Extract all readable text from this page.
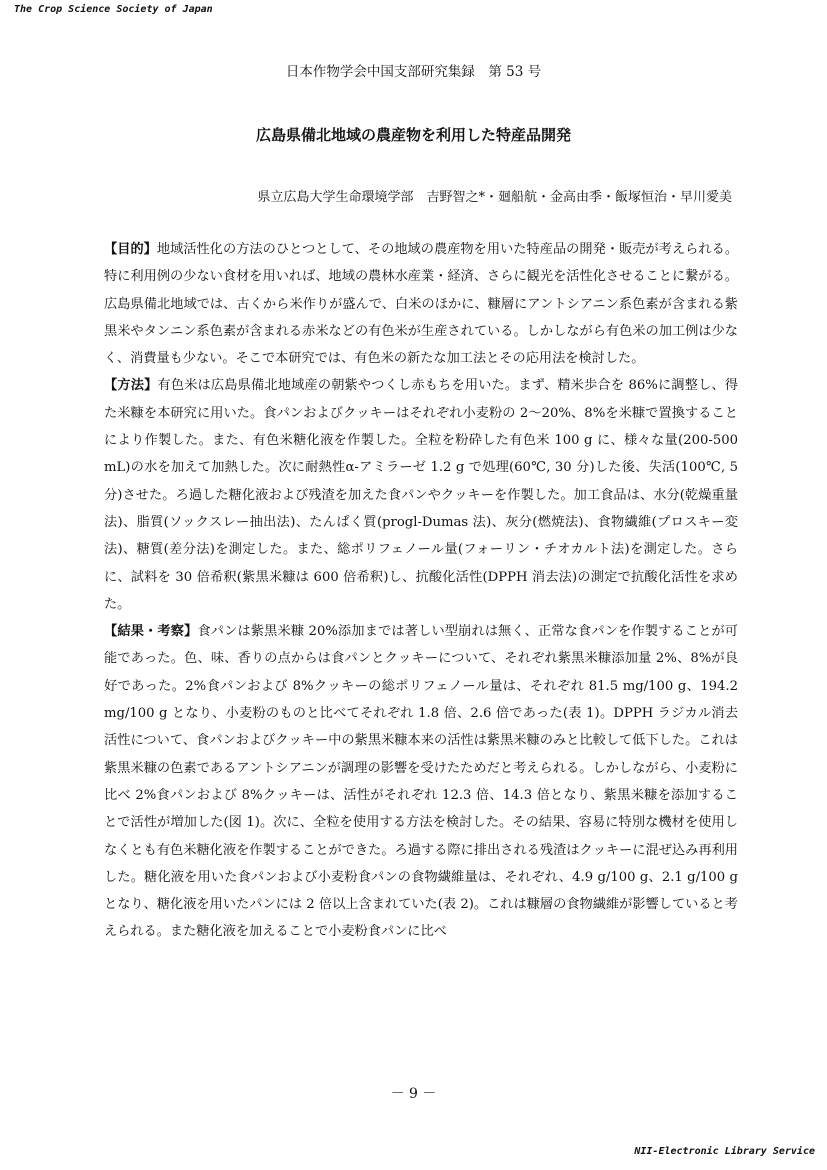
The Crop Science Society of Japan
日本作物学会中国支部研究集録　第 53 号
広島県備北地域の農産物を利用した特産品開発
県立広島大学生命環境学部　吉野智之*・廻船航・金高由季・飯塚恒治・早川愛美

【目的】地域活性化の方法のひとつとして、その地域の農産物を用いた特産品の開発・販売が考えられる。特に利用例の少ない食材を用いれば、地域の農林水産業・経済、さらに観光を活性化させることに繋がる。広島県備北地域では、古くから米作りが盛んで、白米のほかに、糠層にアントシアニン系色素が含まれる紫黒米やタンニン系色素が含まれる赤米などの有色米が生産されている。しかしながら有色米の加工例は少なく、消費量も少ない。そこで本研究では、有色米の新たな加工法とその応用法を検討した。

【方法】有色米は広島県備北地域産の朝紫やつくし赤もちを用いた。まず、精米歩合を 86%に調整し、得た米糠を本研究に用いた。食パンおよびクッキーはそれぞれ小麦粉の 2～20%、8%を米糠で置換することにより作製した。また、有色米糖化液を作製した。全粒を粉砕した有色米 100 g に、様々な量(200-500 mL)の水を加えて加熱した。次に耐熱性α-アミラーゼ 1.2 g で処理(60℃, 30 分)した後、失活(100℃, 5 分)させた。ろ過した糖化液および残渣を加えた食パンやクッキーを作製した。加工食品は、水分(乾燥重量法)、脂質(ソックスレー抽出法)、たんぱく質(progl-Dumas 法)、灰分(燃焼法)、食物繊維(プロスキー変法)、糖質(差分法)を測定した。また、総ポリフェノール量(フォーリン・チオカルト法)を測定した。さらに、試料を 30 倍希釈(紫黒米糠は 600 倍希釈)し、抗酸化活性(DPPH 消去法)の測定で抗酸化活性を求めた。

【結果・考察】食パンは紫黒米糠 20%添加までは著しい型崩れは無く、正常な食パンを作製することが可能であった。色、味、香りの点からは食パンとクッキーについて、それぞれ紫黒米糠添加量 2%、8%が良好であった。2%食パンおよび 8%クッキーの総ポリフェノール量は、それぞれ 81.5 mg/100 g、194.2 mg/100 g となり、小麦粉のものと比べてそれぞれ 1.8 倍、2.6 倍であった(表 1)。DPPH ラジカル消去活性について、食パンおよびクッキー中の紫黒米糠本来の活性は紫黒米糠のみと比較して低下した。これは紫黒米糠の色素であるアントシアニンが調理の影響を受けたためだと考えられる。しかしながら、小麦粉に比べ 2%食パンおよび 8%クッキーは、活性がそれぞれ 12.3 倍、14.3 倍となり、紫黒米糠を添加することで活性が増加した(図 1)。次に、全粒を使用する方法を検討した。その結果、容易に特別な機材を使用しなくとも有色米糖化液を作製することができた。ろ過する際に排出される残渣はクッキーに混ぜ込み再利用した。糖化液を用いた食パンおよび小麦粉食パンの食物繊維量は、それぞれ、4.9 g/100 g、2.1 g/100 g となり、糖化液を用いたパンには 2 倍以上含まれていた(表 2)。これは糠層の食物繊維が影響していると考えられる。また糖化液を加えることで小麦粉食パンに比べ

－ 9 －
NII-Electronic Library Service
